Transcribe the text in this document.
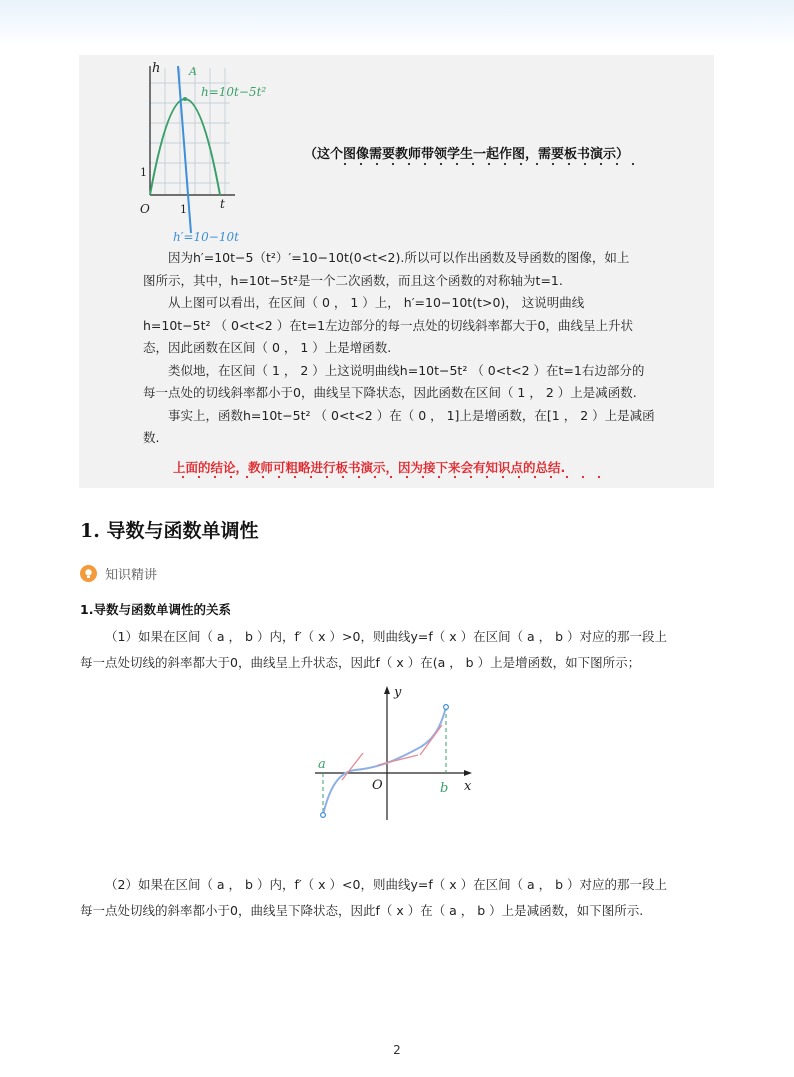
h	A
h=10t−5t²
1
O	1	t
h′=10−10t
（这个图像需要教师带领学生一起作图，需要板书演示）

因为h′=10t−5（t²）′=10−10t(0<t<2).所以可以作出函数及导函数的图像，如上

图所示，其中，h=10t−5t²是一个二次函数，而且这个函数的对称轴为t=1.

从上图可以看出，在区间（ 0 ， 1 ）上， h′=10−10t(t>0)， 这说明曲线

h=10t−5t² （ 0<t<2 ）在t=1左边部分的每一点处的切线斜率都大于0，曲线呈上升状

态，因此函数在区间（ 0 ， 1 ）上是增函数.

类似地，在区间（ 1 ， 2 ）上这说明曲线h=10t−5t² （ 0<t<2 ）在t=1右边部分的

每一点处的切线斜率都小于0，曲线呈下降状态，因此函数在区间（ 1 ， 2 ）上是减函数.

事实上，函数h=10t−5t² （ 0<t<2 ）在（ 0 ， 1]上是增函数，在[1 ， 2 ）上是减函

数.

上面的结论，教师可粗略进行板书演示，因为接下来会有知识点的总结.
1. 导数与函数单调性
知识精讲
1.导数与函数单调性的关系

（1）如果在区间（ a ， b ）内，f′（ x ）>0，则曲线y=f（ x ）在区间（ a ， b ）对应的那一段上

每一点处切线的斜率都大于0，曲线呈上升状态，因此f（ x ）在(a ， b ）上是增函数，如下图所示；

y
x
O
a
b

（2）如果在区间（ a ， b ）内，f′（ x ）<0，则曲线y=f（ x ）在区间（ a ， b ）对应的那一段上

每一点处切线的斜率都小于0，曲线呈下降状态，因此f（ x ）在（ a ， b ）上是减函数，如下图所示.

2
